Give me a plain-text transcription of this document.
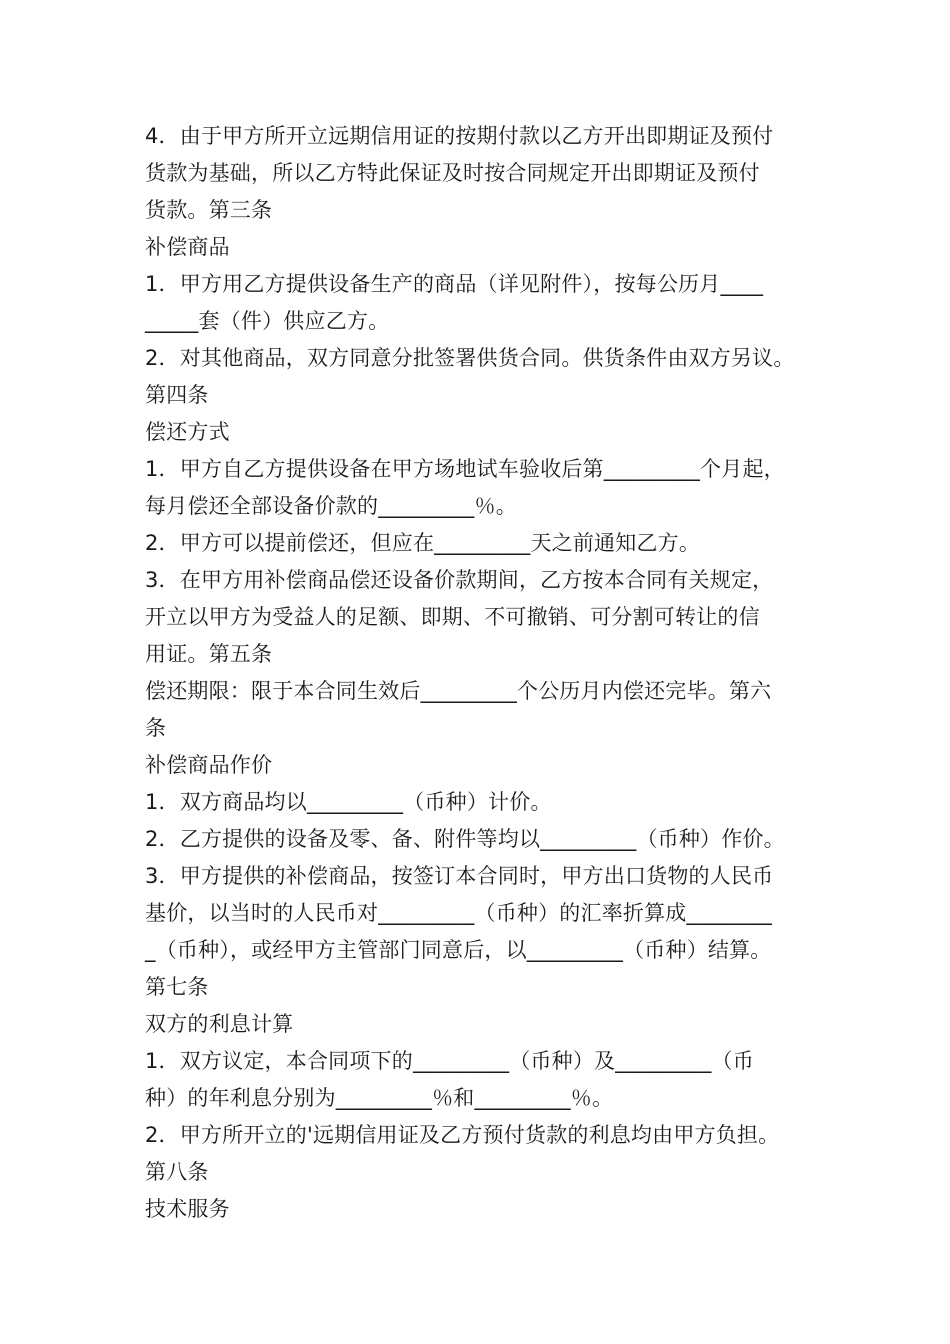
4．由于甲方所开立远期信用证的按期付款以乙方开出即期证及预付
货款为基础，所以乙方特此保证及时按合同规定开出即期证及预付
货款。第三条
补偿商品
1．甲方用乙方提供设备生产的商品（详见附件），按每公历月____
_____套（件）供应乙方。
2．对其他商品，双方同意分批签署供货合同。供货条件由双方另议。
第四条
偿还方式
1．甲方自乙方提供设备在甲方场地试车验收后第_________个月起，
每月偿还全部设备价款的_________％。
2．甲方可以提前偿还，但应在_________天之前通知乙方。
3．在甲方用补偿商品偿还设备价款期间，乙方按本合同有关规定，
开立以甲方为受益人的足额、即期、不可撤销、可分割可转让的信
用证。第五条
偿还期限：限于本合同生效后_________个公历月内偿还完毕。第六
条
补偿商品作价
1．双方商品均以_________（币种）计价。
2．乙方提供的设备及零、备、附件等均以_________（币种）作价。
3．甲方提供的补偿商品，按签订本合同时，甲方出口货物的人民币
基价，以当时的人民币对_________（币种）的汇率折算成________
_（币种），或经甲方主管部门同意后，以_________（币种）结算。
第七条
双方的利息计算
1．双方议定，本合同项下的_________（币种）及_________（币
种）的年利息分别为_________％和_________％。
2．甲方所开立的'远期信用证及乙方预付货款的利息均由甲方负担。
第八条
技术服务
